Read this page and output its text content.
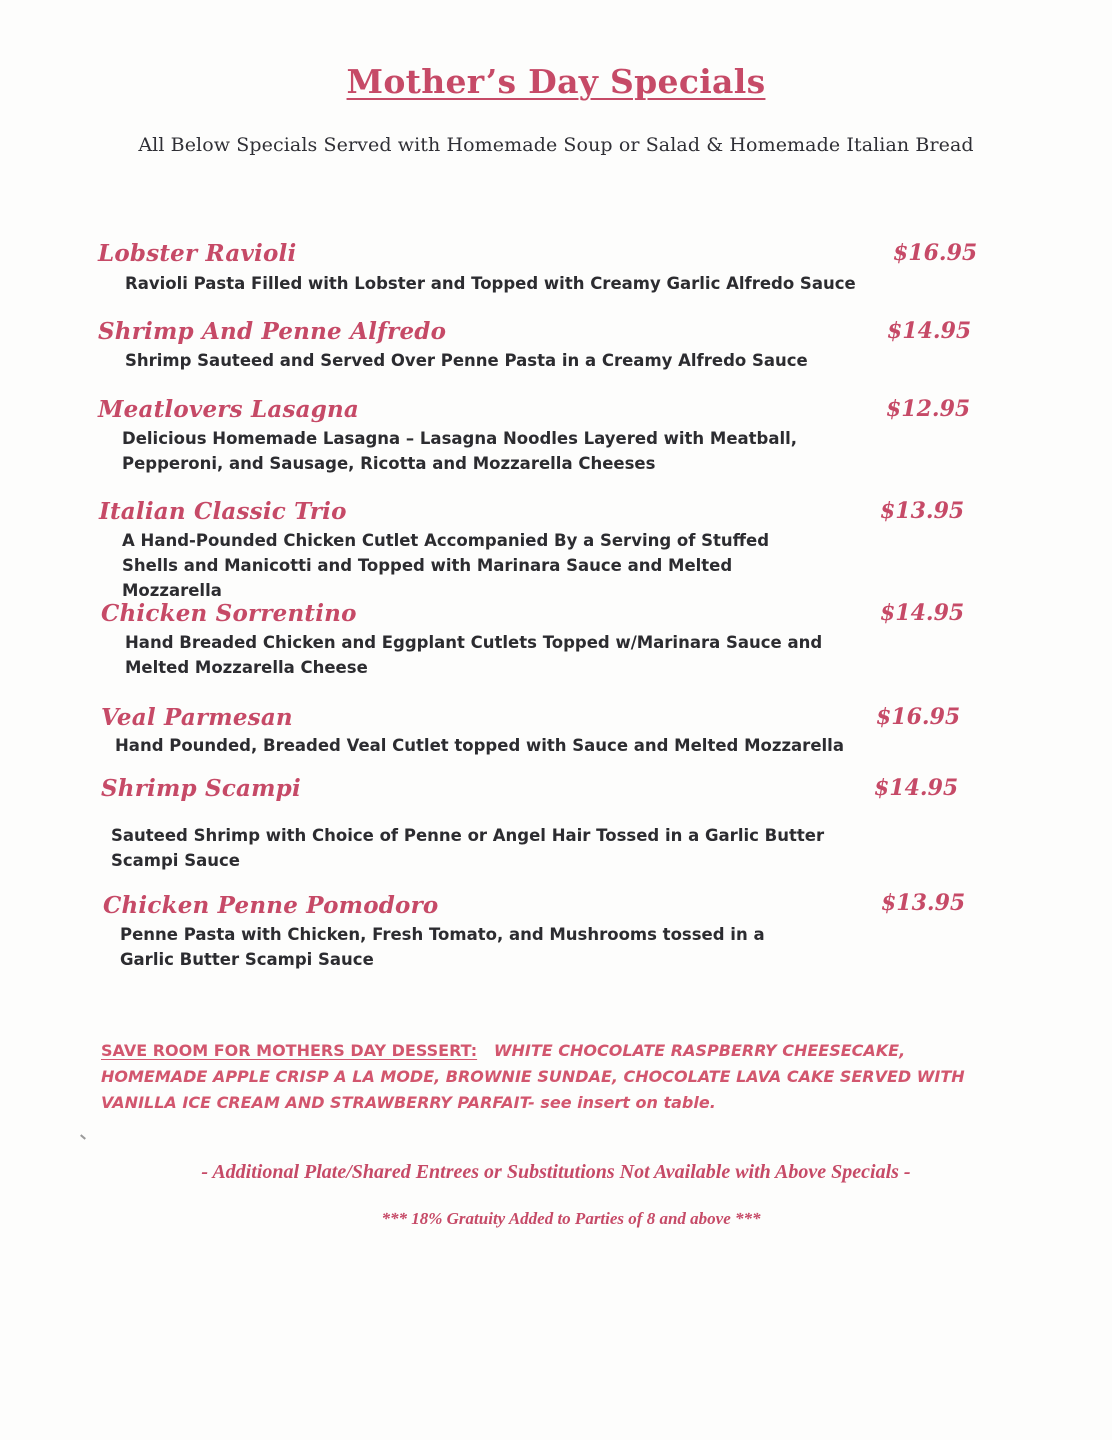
Mother’s Day Specials
All Below Specials Served with Homemade Soup or Salad & Homemade Italian Bread
Lobster Ravioli	$16.95
Ravioli Pasta Filled with Lobster and Topped with Creamy Garlic Alfredo Sauce
Shrimp And Penne Alfredo	$14.95
Shrimp Sauteed and Served Over Penne Pasta in a Creamy Alfredo Sauce
Meatlovers Lasagna	$12.95
Delicious Homemade Lasagna – Lasagna Noodles Layered with Meatball, Pepperoni, and Sausage, Ricotta and Mozzarella Cheeses
Italian Classic Trio	$13.95
A Hand-Pounded Chicken Cutlet Accompanied By a Serving of Stuffed Shells and Manicotti and Topped with Marinara Sauce and Melted Mozzarella
Chicken Sorrentino	$14.95
Hand Breaded Chicken and Eggplant Cutlets Topped w/Marinara Sauce and Melted Mozzarella Cheese
Veal Parmesan	$16.95
Hand Pounded, Breaded Veal Cutlet topped with Sauce and Melted Mozzarella
Shrimp Scampi	$14.95
Sauteed Shrimp with Choice of Penne or Angel Hair Tossed in a Garlic Butter Scampi Sauce
Chicken Penne Pomodoro	$13.95
Penne Pasta with Chicken, Fresh Tomato, and Mushrooms tossed in a Garlic Butter Scampi Sauce
SAVE ROOM FOR MOTHERS DAY DESSERT: WHITE CHOCOLATE RASPBERRY CHEESECAKE, HOMEMADE APPLE CRISP A LA MODE, BROWNIE SUNDAE, CHOCOLATE LAVA CAKE SERVED WITH VANILLA ICE CREAM AND STRAWBERRY PARFAIT- see insert on table.
- Additional Plate/Shared Entrees or Substitutions Not Available with Above Specials -
*** 18% Gratuity Added to Parties of 8 and above ***
